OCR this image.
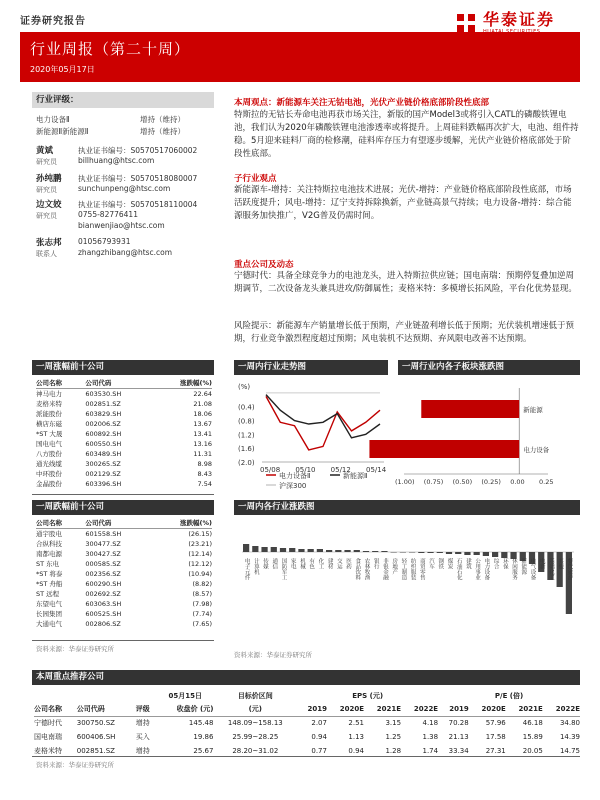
证券研究报告	华泰证券
行业周报（第二十周）
2020年05月17日
行业评级：
电力设备Ⅱ	增持（维持）
新能源Ⅱ新能源Ⅱ	增持（维持）
黄斌
研究员
执业证书编号：S0570517060002
billhuang@htsc.com
孙纯鹏
研究员
执业证书编号：S0570518080007
sunchunpeng@htsc.com
边文姣
研究员
执业证书编号：S0570518110004
0755-82776411
bianwenjiao@htsc.com
张志邦
联系人
01056793931
zhangzhibang@htsc.com
本周观点：新能源车关注无钴电池，光伏产业链价格底部阶段性底部
特斯拉的无钴长寿命电池再获市场关注，新版的国产Model3或将引入CATL的磷酸铁锂电池，我们认为2020年磷酸铁锂电池渗透率或将提升。上周硅料跌幅再次扩大，电池、组件持稳。5月迎来硅料厂商的检修潮，硅料库存压力有望逐步缓解，光伏产业链价格底部处于阶段性底部。
子行业观点
新能源车-增持：关注特斯拉电池技术进展；光伏-增持：产业链价格底部阶段性底部，市场活跃度提升；风电-增持：辽宁支持拆除换新，产业链高景气持续；电力设备-增持：综合能源服务加快推广，V2G普及仍需时间。
重点公司及动态
宁德时代：具备全球竞争力的电池龙头，进入特斯拉供应链；国电南瑞：预期停复叠加逆周期调节，二次设备龙头兼具进攻/防御属性；麦格米特：多模增长拓风险，平台化优势显现。
风险提示：新能源车产销量增长低于预期，产业链盈利增长低于预期；光伏装机增速低于预期，行业竞争激烈程度超过预期；风电装机不达预期、弃风限电改善不达预期。
一周涨幅前十公司
公司名称	公司代码	涨跌幅(%)
神马电力	603530.SH	22.64
麦格米特	002851.SZ	21.08
派能股份	603829.SH	18.06
横店东磁	002006.SZ	13.67
*ST 大晟	600892.SH	13.41
国电电气	600550.SH	13.16
八方股份	603489.SH	11.31
通光线缆	300265.SZ	8.98
中环股份	002129.SZ	8.43
金晶股份	603396.SH	7.54
一周跌幅前十公司
公司名称	公司代码	涨跌幅(%)
通宇股电	601558.SH	(26.15)
合纵科技	300477.SZ	(23.21)
南都电源	300427.SZ	(12.14)
ST 东电	000585.SZ	(12.12)
*ST 将泰	002356.SZ	(10.94)
*ST 舟船	600290.SH	(8.82)
ST 远程	002692.SZ	(8.57)
东望电气	603063.SH	(7.98)
长园集团	600525.SH	(7.74)
大通电气	002806.SZ	(7.65)
资料来源：华泰证券研究所
一周内行业走势图
(%)
(0.4)
(0.8)
(1.2)
(1.6)
(2.0)
05/08 05/10 05/12 05/14
电力设备Ⅱ	新能源Ⅱ
沪深300
一周行业内各子板块涨跌图
新能源
电力设备
(1.00) (0.75) (0.50) (0.25) 0.00 0.25
一周内各行业涨跌图
电子元件 计算机 传媒 通信 国防军工 家电 机械 有色 化工 建材 交运 医药 食品饮料 农林牧渔 银行 非银金融 房地产 轻工制造 纺织服装 商贸零售 汽车 钢铁 煤炭 石油石化 建筑 公用事业 电力设备 综合 环保 休闲服务 新能源 电气设备 电新 基础化工 其他 餐饮旅游
资料来源：华泰证券研究所
本周重点推荐公司
			05月15日	目标价区间	EPS (元)				P/E (倍)			
公司名称	公司代码	评级	收盘价 (元)	(元)	2019	2020E	2021E	2022E	2019	2020E	2021E	2022E
宁德时代	300750.SZ	增持	145.48	148.09~158.13	2.07	2.51	3.15	4.18	70.28	57.96	46.18	34.80
国电南瑞	600406.SH	买入	19.86	25.99~28.25	0.94	1.13	1.25	1.38	21.13	17.58	15.89	14.39
麦格米特	002851.SZ	增持	25.67	28.20~31.02	0.77	0.94	1.28	1.74	33.34	27.31	20.05	14.75
资料来源：华泰证券研究所
